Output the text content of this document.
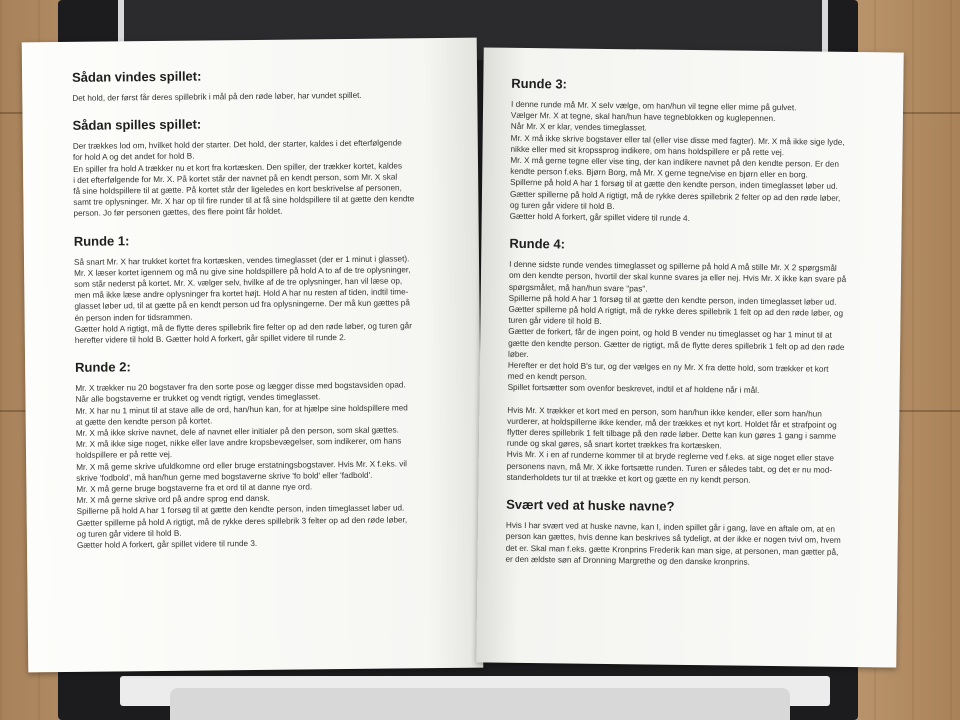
Sådan vindes spillet:
Det hold, der først får deres spillebrik i mål på den røde løber, har vundet spillet.
Sådan spilles spillet:
Der trækkes lod om, hvilket hold der starter. Det hold, der starter, kaldes i det efterfølgende
for hold A og det andet for hold B.
En spiller fra hold A trækker nu et kort fra kortæsken. Den spiller, der trækker kortet, kaldes
i det efterfølgende for Mr. X. På kortet står der navnet på en kendt person, som Mr. X skal
få sine holdspillere til at gætte. På kortet står der ligeledes en kort beskrivelse af personen,
samt tre oplysninger. Mr. X har op til fire runder til at få sine holdspillere til at gætte den kendte
person. Jo før personen gættes, des flere point får holdet.
Runde 1:
Så snart Mr. X har trukket kortet fra kortæsken, vendes timeglasset (der er 1 minut i glasset).
Mr. X læser kortet igennem og må nu give sine holdspillere på hold A to af de tre oplysninger,
som står nederst på kortet. Mr. X. vælger selv, hvilke af de tre oplysninger, han vil læse op,
men må ikke læse andre oplysninger fra kortet højt. Hold A har nu resten af tiden, indtil time-
glasset løber ud, til at gætte på en kendt person ud fra oplysningerne. Der må kun gættes på
én person inden for tidsrammen.
Gætter hold A rigtigt, må de flytte deres spillebrik fire felter op ad den røde løber, og turen går
herefter videre til hold B. Gætter hold A forkert, går spillet videre til runde 2.
Runde 2:
Mr. X trækker nu 20 bogstaver fra den sorte pose og lægger disse med bogstavsiden opad.
Når alle bogstaverne er trukket og vendt rigtigt, vendes timeglasset.
Mr. X har nu 1 minut til at stave alle de ord, han/hun kan, for at hjælpe sine holdspillere med
at gætte den kendte person på kortet.
Mr. X må ikke skrive navnet, dele af navnet eller initialer på den person, som skal gættes.
Mr. X må ikke sige noget, nikke eller lave andre kropsbevægelser, som indikerer, om hans
holdspillere er på rette vej.
Mr. X må gerne skrive ufuldkomne ord eller bruge erstatningsbogstaver. Hvis Mr. X f.eks. vil
skrive 'fodbold', må han/hun gerne med bogstaverne skrive 'fo bold' eller 'fadbold'.
Mr. X må gerne bruge bogstaverne fra et ord til at danne nye ord.
Mr. X må gerne skrive ord på andre sprog end dansk.
Spillerne på hold A har 1 forsøg til at gætte den kendte person, inden timeglasset løber ud.
Gætter spillerne på hold A rigtigt, må de rykke deres spillebrik 3 felter op ad den røde løber,
og turen går videre til hold B.
Gætter hold A forkert, går spillet videre til runde 3.
Runde 3:
I denne runde må Mr. X selv vælge, om han/hun vil tegne eller mime på gulvet.
Vælger Mr. X at tegne, skal han/hun have tegneblokken og kuglepennen.
Når Mr. X er klar, vendes timeglasset.
Mr. X må ikke skrive bogstaver eller tal (eller vise disse med fagter). Mr. X må ikke sige lyde,
nikke eller med sit kropssprog indikere, om hans holdspillere er på rette vej.
Mr. X må gerne tegne eller vise ting, der kan indikere navnet på den kendte person. Er den
kendte person f.eks. Bjørn Borg, må Mr. X gerne tegne/vise en bjørn eller en borg.
Spillerne på hold A har 1 forsøg til at gætte den kendte person, inden timeglasset løber ud.
Gætter spillerne på hold A rigtigt, må de rykke deres spillebrik 2 felter op ad den røde løber,
og turen går videre til hold B.
Gætter hold A forkert, går spillet videre til runde 4.
Runde 4:
I denne sidste runde vendes timeglasset og spillerne på hold A må stille Mr. X 2 spørgsmål
om den kendte person, hvortil der skal kunne svares ja eller nej. Hvis Mr. X ikke kan svare på
spørgsmålet, må han/hun svare "pas".
Spillerne på hold A har 1 forsøg til at gætte den kendte person, inden timeglasset løber ud.
Gætter spillerne på hold A rigtigt, må de rykke deres spillebrik 1 felt op ad den røde løber, og
turen går videre til hold B.
Gætter de forkert, får de ingen point, og hold B vender nu timeglasset og har 1 minut til at
gætte den kendte person. Gætter de rigtigt, må de flytte deres spillebrik 1 felt op ad den røde
løber.
Herefter er det hold B's tur, og der vælges en ny Mr. X fra dette hold, som trækker et kort
med en kendt person.
Spillet fortsætter som ovenfor beskrevet, indtil et af holdene når i mål.
Hvis Mr. X trækker et kort med en person, som han/hun ikke kender, eller som han/hun
vurderer, at holdspillerne ikke kender, må der trækkes et nyt kort. Holdet får et strafpoint og
flytter deres spillebrik 1 felt tilbage på den røde løber. Dette kan kun gøres 1 gang i samme
runde og skal gøres, så snart kortet trækkes fra kortæsken.
Hvis Mr. X i en af runderne kommer til at bryde reglerne ved f.eks. at sige noget eller stave
personens navn, må Mr. X ikke fortsætte runden. Turen er således tabt, og det er nu mod-
standerholdets tur til at trække et kort og gætte en ny kendt person.
Svært ved at huske navne?
Hvis I har svært ved at huske navne, kan I, inden spillet går i gang, lave en aftale om, at en
person kan gættes, hvis denne kan beskrives så tydeligt, at der ikke er nogen tvivl om, hvem
det er. Skal man f.eks. gætte Kronprins Frederik kan man sige, at personen, man gætter på,
er den ældste søn af Dronning Margrethe og den danske kronprins.
